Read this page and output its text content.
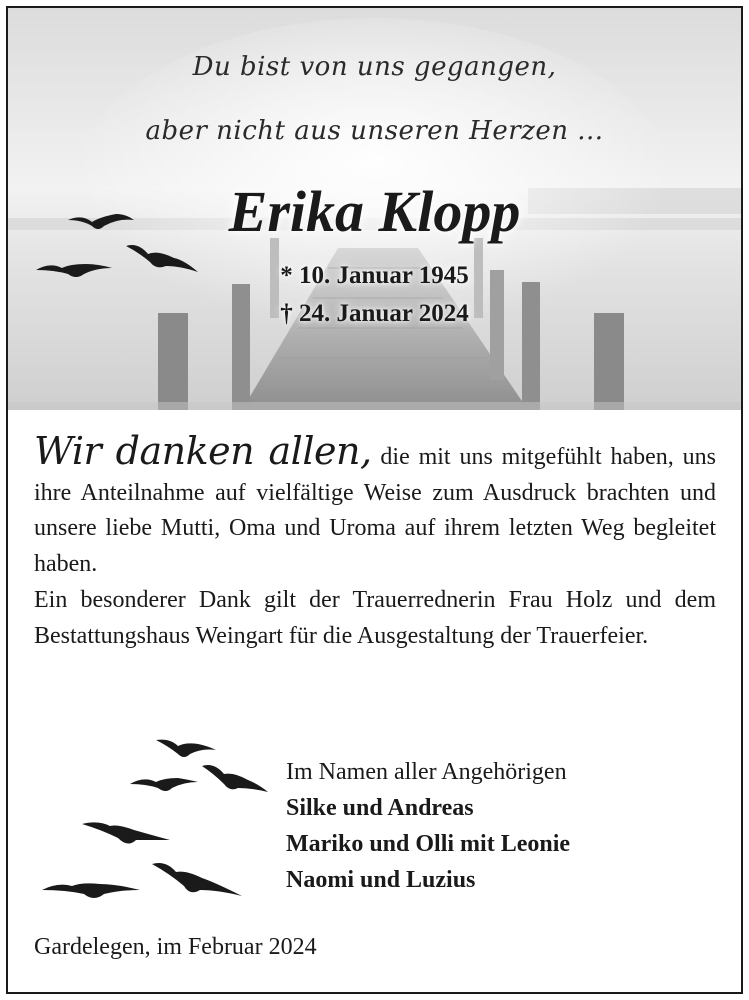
Du bist von uns gegangen,
aber nicht aus unseren Herzen ...
Erika Klopp
* 10. Januar 1945
† 24. Januar 2024

Wir danken allen, die mit uns mitgefühlt haben, uns ihre Anteilnahme auf vielfältige Weise zum Ausdruck brachten und unsere liebe Mutti, Oma und Uroma auf ihrem letzten Weg begleitet haben.

Ein besonderer Dank gilt der Trauerrednerin Frau Holz und dem Bestattungshaus Weingart für die Ausgestaltung der Trauerfeier.

Im Namen aller Angehörigen
Silke und Andreas
Mariko und Olli mit Leonie
Naomi und Luzius
Gardelegen, im Februar 2024
